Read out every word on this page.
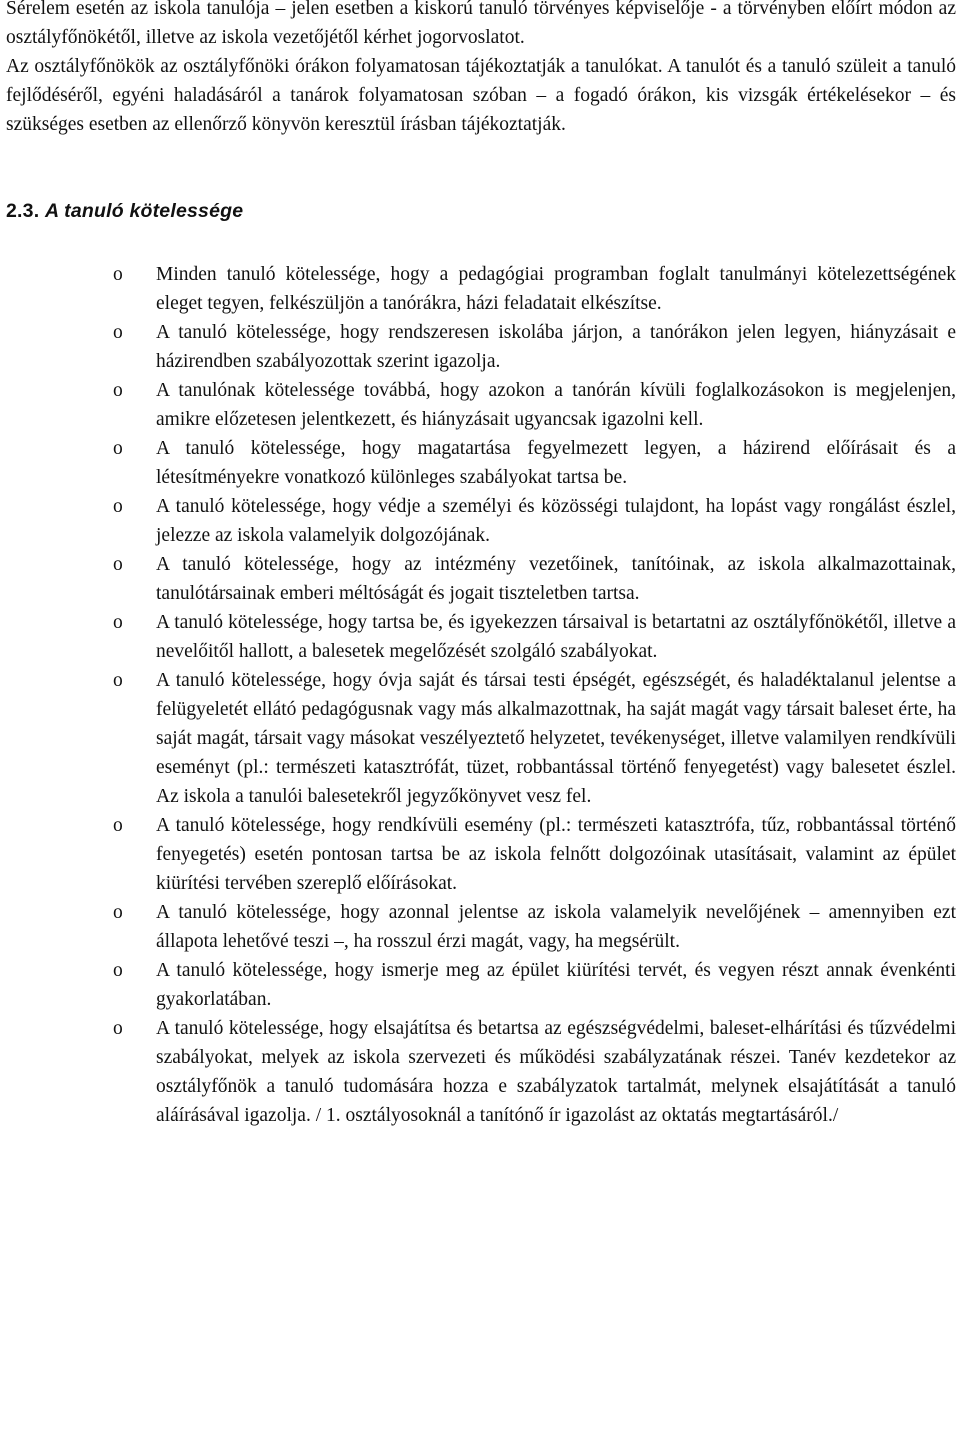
Sérelem esetén az iskola tanulója – jelen esetben a kiskorú tanuló törvényes képviselője - a törvényben előírt módon az osztályfőnökétől, illetve az iskola vezetőjétől kérhet jogorvoslatot.

Az osztályfőnökök az osztályfőnöki órákon folyamatosan tájékoztatják a tanulókat. A tanulót és a tanuló szüleit a tanuló fejlődéséről, egyéni haladásáról a tanárok folyamatosan szóban – a fogadó órákon, kis vizsgák értékelésekor – és szükséges esetben az ellenőrző könyvön keresztül írásban tájékoztatják.

2.3. A tanuló kötelessége
o Minden tanuló kötelessége, hogy a pedagógiai programban foglalt tanulmányi kötelezettségének eleget tegyen, felkészüljön a tanórákra, házi feladatait elkészítse.
o A tanuló kötelessége, hogy rendszeresen iskolába járjon, a tanórákon jelen legyen, hiányzásait e házirendben szabályozottak szerint igazolja.
o A tanulónak kötelessége továbbá, hogy azokon a tanórán kívüli foglalkozásokon is megjelenjen, amikre előzetesen jelentkezett, és hiányzásait ugyancsak igazolni kell.
o A tanuló kötelessége, hogy magatartása fegyelmezett legyen, a házirend előírásait és a létesítményekre vonatkozó különleges szabályokat tartsa be.
o A tanuló kötelessége, hogy védje a személyi és közösségi tulajdont, ha lopást vagy rongálást észlel, jelezze az iskola valamelyik dolgozójának.
o A tanuló kötelessége, hogy az intézmény vezetőinek, tanítóinak, az iskola alkalmazottainak, tanulótársainak emberi méltóságát és jogait tiszteletben tartsa.
o A tanuló kötelessége, hogy tartsa be, és igyekezzen társaival is betartatni az osztályfőnökétől, illetve a nevelőitől hallott, a balesetek megelőzését szolgáló szabályokat.
o A tanuló kötelessége, hogy óvja saját és társai testi épségét, egészségét, és haladéktalanul jelentse a felügyeletét ellátó pedagógusnak vagy más alkalmazottnak, ha saját magát vagy társait baleset érte, ha saját magát, társait vagy másokat veszélyeztető helyzetet, tevékenységet, illetve valamilyen rendkívüli eseményt (pl.: természeti katasztrófát, tüzet, robbantással történő fenyegetést) vagy balesetet észlel. Az iskola a tanulói balesetekről jegyzőkönyvet vesz fel.
o A tanuló kötelessége, hogy rendkívüli esemény (pl.: természeti katasztrófa, tűz, robbantással történő fenyegetés) esetén pontosan tartsa be az iskola felnőtt dolgozóinak utasításait, valamint az épület kiürítési tervében szereplő előírásokat.
o A tanuló kötelessége, hogy azonnal jelentse az iskola valamelyik nevelőjének – amennyiben ezt állapota lehetővé teszi –, ha rosszul érzi magát, vagy, ha megsérült.
o A tanuló kötelessége, hogy ismerje meg az épület kiürítési tervét, és vegyen részt annak évenkénti gyakorlatában.
o A tanuló kötelessége, hogy elsajátítsa és betartsa az egészségvédelmi, baleset-elhárítási és tűzvédelmi szabályokat, melyek az iskola szervezeti és működési szabályzatának részei. Tanév kezdetekor az osztályfőnök a tanuló tudomására hozza e szabályzatok tartalmát, melynek elsajátítását a tanuló aláírásával igazolja. / 1. osztályosoknál a tanítónő ír igazolást az oktatás megtartásáról./
